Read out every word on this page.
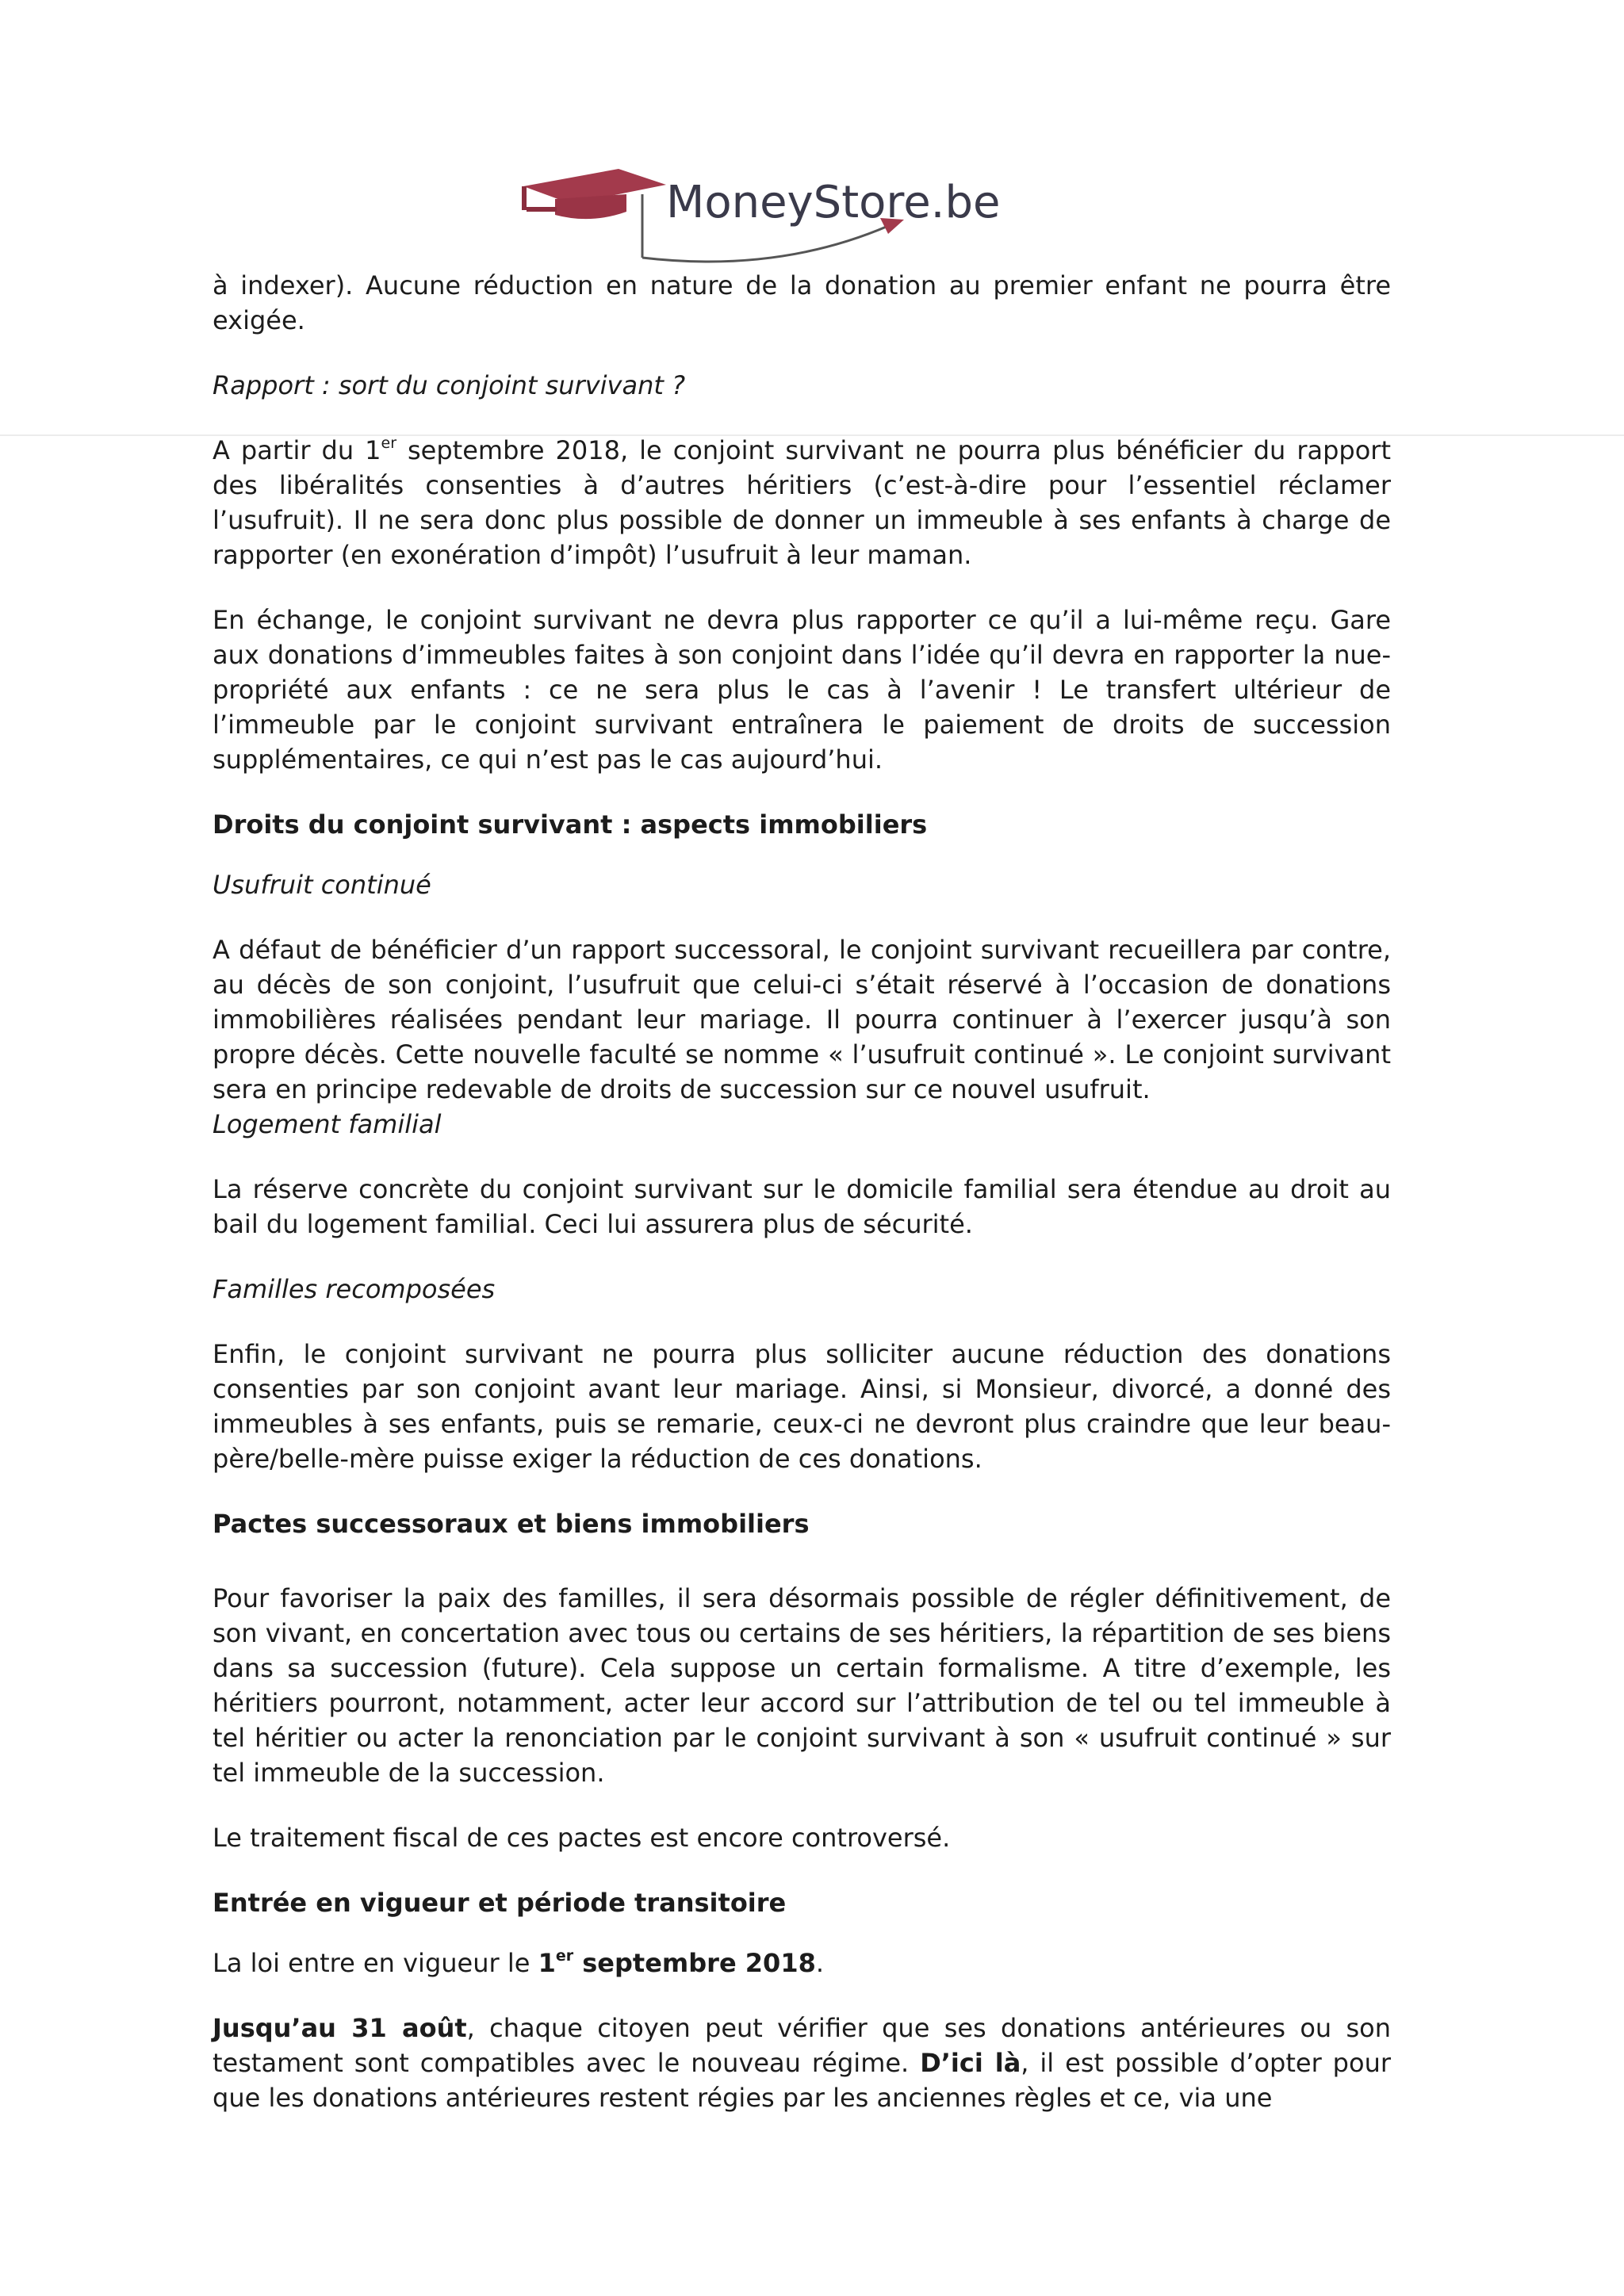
MoneyStore.be

à indexer). Aucune réduction en nature de la donation au premier enfant ne pourra être exigée.

Rapport : sort du conjoint survivant ?

A partir du 1er septembre 2018, le conjoint survivant ne pourra plus bénéficier du rapport des libéralités consenties à d’autres héritiers (c’est-à-dire pour l’essentiel réclamer l’usufruit). Il ne sera donc plus possible de donner un immeuble à ses enfants à charge de rapporter (en exonération d’impôt) l’usufruit à leur maman.

En échange, le conjoint survivant ne devra plus rapporter ce qu’il a lui-même reçu. Gare aux donations d’immeubles faites à son conjoint dans l’idée qu’il devra en rapporter la nue-propriété aux enfants : ce ne sera plus le cas à l’avenir ! Le transfert ultérieur de l’immeuble par le conjoint survivant entraînera le paiement de droits de succession supplémentaires, ce qui n’est pas le cas aujourd’hui.

Droits du conjoint survivant : aspects immobiliers

Usufruit continué

A défaut de bénéficier d’un rapport successoral, le conjoint survivant recueillera par contre, au décès de son conjoint, l’usufruit que celui-ci s’était réservé à l’occasion de donations immobilières réalisées pendant leur mariage. Il pourra continuer à l’exercer jusqu’à son propre décès. Cette nouvelle faculté se nomme « l’usufruit continué ». Le conjoint survivant sera en principe redevable de droits de succession sur ce nouvel usufruit.

Logement familial

La réserve concrète du conjoint survivant sur le domicile familial sera étendue au droit au bail du logement familial. Ceci lui assurera plus de sécurité.

Familles recomposées

Enfin, le conjoint survivant ne pourra plus solliciter aucune réduction des donations consenties par son conjoint avant leur mariage. Ainsi, si Monsieur, divorcé, a donné des immeubles à ses enfants, puis se remarie, ceux-ci ne devront plus craindre que leur beau-père/belle-mère puisse exiger la réduction de ces donations.

Pactes successoraux et biens immobiliers

Pour favoriser la paix des familles, il sera désormais possible de régler définitivement, de son vivant, en concertation avec tous ou certains de ses héritiers, la répartition de ses biens dans sa succession (future). Cela suppose un certain formalisme. A titre d’exemple, les héritiers pourront, notamment, acter leur accord sur l’attribution de tel ou tel immeuble à tel héritier ou acter la renonciation par le conjoint survivant à son « usufruit continué » sur tel immeuble de la succession.

Le traitement fiscal de ces pactes est encore controversé.

Entrée en vigueur et période transitoire

La loi entre en vigueur le 1er septembre 2018.

Jusqu’au 31 août, chaque citoyen peut vérifier que ses donations antérieures ou son testament sont compatibles avec le nouveau régime. D’ici là, il est possible d’opter pour que les donations antérieures restent régies par les anciennes règles et ce, via une
